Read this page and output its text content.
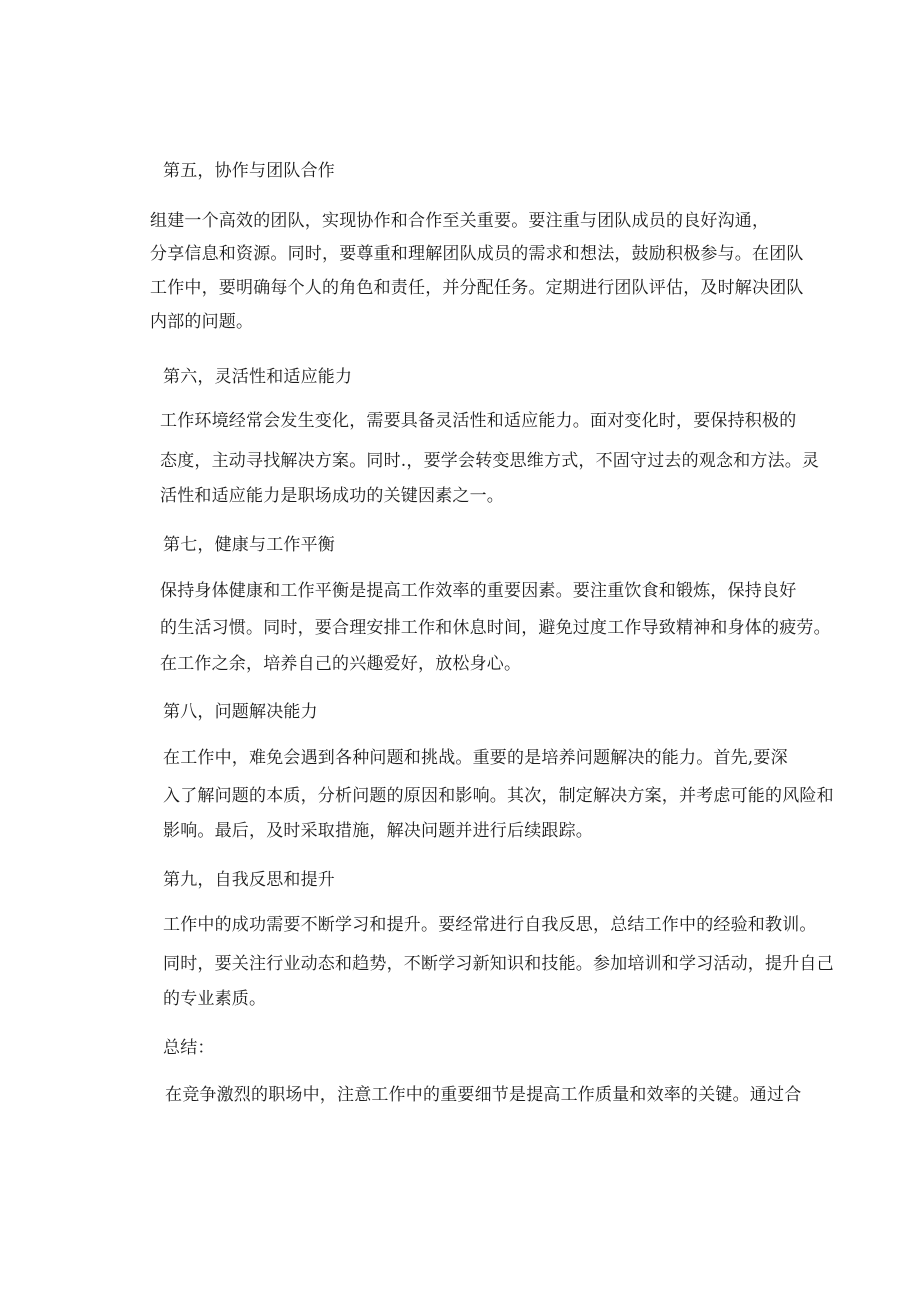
第五，协作与团队合作
组建一个高效的团队，实现协作和合作至关重要。要注重与团队成员的良好沟通，
分享信息和资源。同时，要尊重和理解团队成员的需求和想法，鼓励积极参与。在团队
工作中，要明确每个人的角色和责任，并分配任务。定期进行团队评估，及时解决团队
内部的问题。
第六，灵活性和适应能力
工作环境经常会发生变化，需要具备灵活性和适应能力。面对变化时，要保持积极的
态度，主动寻找解决方案。同时.，要学会转变思维方式，不固守过去的观念和方法。灵
活性和适应能力是职场成功的关键因素之一。
第七，健康与工作平衡
保持身体健康和工作平衡是提高工作效率的重要因素。要注重饮食和锻炼，保持良好
的生活习惯。同时，要合理安排工作和休息时间，避免过度工作导致精神和身体的疲劳。
在工作之余，培养自己的兴趣爱好，放松身心。
第八，问题解决能力
在工作中，难免会遇到各种问题和挑战。重要的是培养问题解决的能力。首先,要深
入了解问题的本质，分析问题的原因和影响。其次，制定解决方案，并考虑可能的风险和
影响。最后，及时采取措施，解决问题并进行后续跟踪。
第九，自我反思和提升
工作中的成功需要不断学习和提升。要经常进行自我反思，总结工作中的经验和教训。
同时，要关注行业动态和趋势，不断学习新知识和技能。参加培训和学习活动，提升自己
的专业素质。
总结：
在竞争激烈的职场中，注意工作中的重要细节是提高工作质量和效率的关键。通过合
